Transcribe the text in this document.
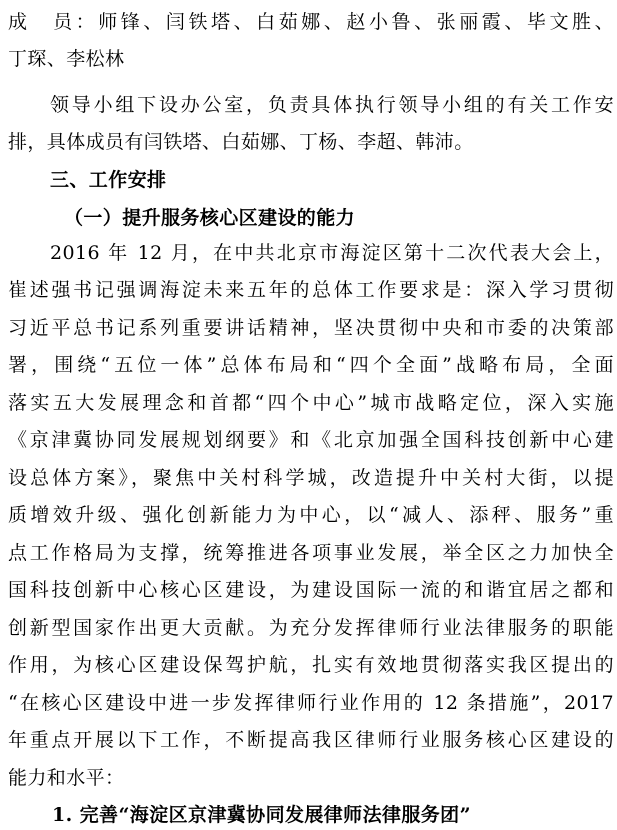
成　员：师锋、闫铁塔、白茹娜、赵小鲁、张丽霞、毕文胜、
丁琛、李松林
领导小组下设办公室，负责具体执行领导小组的有关工作安
排，具体成员有闫铁塔、白茹娜、丁杨、李超、韩沛。
三、工作安排
（一）提升服务核心区建设的能力
2016 年 12 月，在中共北京市海淀区第十二次代表大会上，
崔述强书记强调海淀未来五年的总体工作要求是：深入学习贯彻
习近平总书记系列重要讲话精神，坚决贯彻中央和市委的决策部
署，围绕“五位一体”总体布局和“四个全面”战略布局，全面
落实五大发展理念和首都“四个中心”城市战略定位，深入实施
《京津冀协同发展规划纲要》和《北京加强全国科技创新中心建
设总体方案》，聚焦中关村科学城，改造提升中关村大街，以提
质增效升级、强化创新能力为中心，以“减人、添秤、服务”重
点工作格局为支撑，统筹推进各项事业发展，举全区之力加快全
国科技创新中心核心区建设，为建设国际一流的和谐宜居之都和
创新型国家作出更大贡献。为充分发挥律师行业法律服务的职能
作用，为核心区建设保驾护航，扎实有效地贯彻落实我区提出的
“在核心区建设中进一步发挥律师行业作用的 12 条措施”，2017
年重点开展以下工作，不断提高我区律师行业服务核心区建设的
能力和水平：
1. 完善“海淀区京津冀协同发展律师法律服务团”
